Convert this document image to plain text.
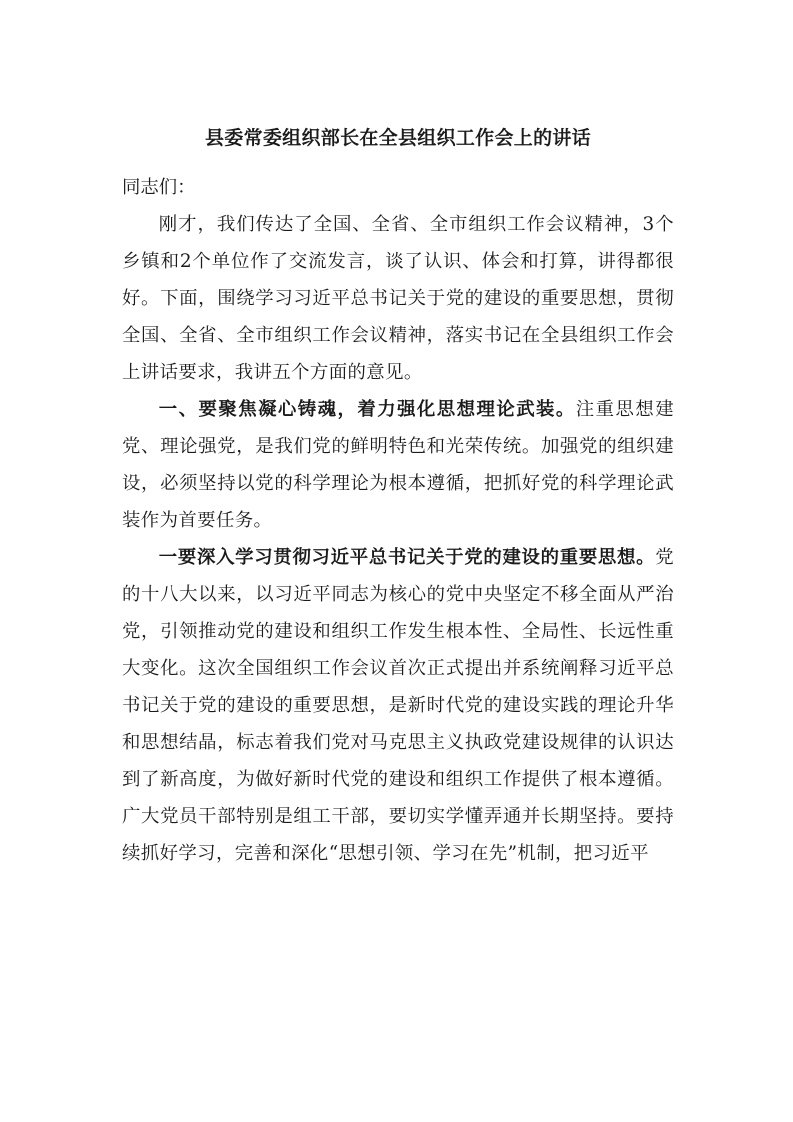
县委常委组织部长在全县组织工作会上的讲话

同志们：

刚才，我们传达了全国、全省、全市组织工作会议精神，3个乡镇和2个单位作了交流发言，谈了认识、体会和打算，讲得都很好。下面，围绕学习习近平总书记关于党的建设的重要思想，贯彻全国、全省、全市组织工作会议精神，落实书记在全县组织工作会上讲话要求，我讲五个方面的意见。

一、要聚焦凝心铸魂，着力强化思想理论武装。注重思想建党、理论强党，是我们党的鲜明特色和光荣传统。加强党的组织建设，必须坚持以党的科学理论为根本遵循，把抓好党的科学理论武装作为首要任务。

一要深入学习贯彻习近平总书记关于党的建设的重要思想。党的十八大以来，以习近平同志为核心的党中央坚定不移全面从严治党，引领推动党的建设和组织工作发生根本性、全局性、长远性重大变化。这次全国组织工作会议首次正式提出并系统阐释习近平总书记关于党的建设的重要思想，是新时代党的建设实践的理论升华和思想结晶，标志着我们党对马克思主义执政党建设规律的认识达到了新高度，为做好新时代党的建设和组织工作提供了根本遵循。广大党员干部特别是组工干部，要切实学懂弄通并长期坚持。要持续抓好学习，完善和深化“思想引领、学习在先”机制，把习近平
